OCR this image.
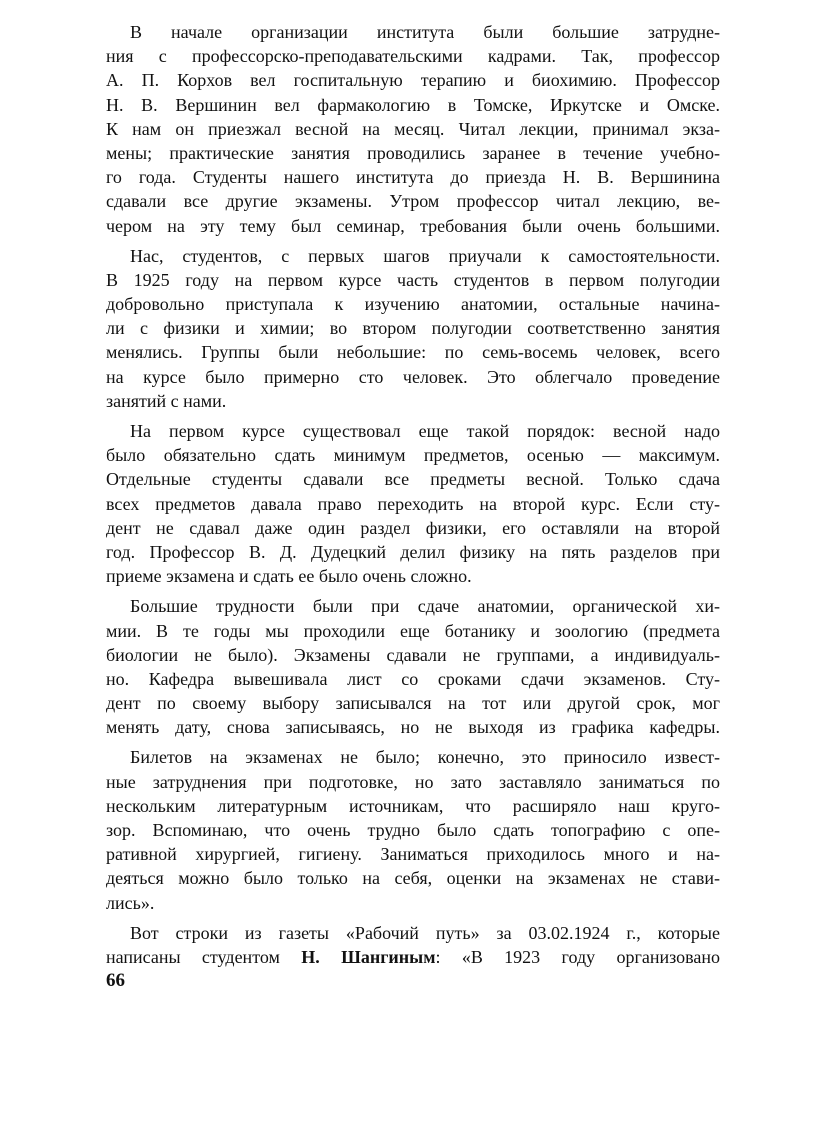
В начале организации института были большие затрудне-
ния с профессорско-преподавательскими кадрами. Так, профессор
А. П. Корхов вел госпитальную терапию и биохимию. Профессор
Н. В. Вершинин вел фармакологию в Томске, Иркутске и Омске.
К нам он приезжал весной на месяц. Читал лекции, принимал экза-
мены; практические занятия проводились заранее в течение учебно-
го года. Студенты нашего института до приезда Н. В. Вершинина
сдавали все другие экзамены. Утром профессор читал лекцию, ве-
чером на эту тему был семинар, требования были очень большими.
Нас, студентов, с первых шагов приучали к самостоятельности.
В 1925 году на первом курсе часть студентов в первом полугодии
добровольно приступала к изучению анатомии, остальные начина-
ли с физики и химии; во втором полугодии соответственно занятия
менялись. Группы были небольшие: по семь-восемь человек, всего
на курсе было примерно сто человек. Это облегчало проведение
занятий с нами.
На первом курсе существовал еще такой порядок: весной надо
было обязательно сдать минимум предметов, осенью — максимум.
Отдельные студенты сдавали все предметы весной. Только сдача
всех предметов давала право переходить на второй курс. Если сту-
дент не сдавал даже один раздел физики, его оставляли на второй
год. Профессор В. Д. Дудецкий делил физику на пять разделов при
приеме экзамена и сдать ее было очень сложно.
Большие трудности были при сдаче анатомии, органической хи-
мии. В те годы мы проходили еще ботанику и зоологию (предмета
биологии не было). Экзамены сдавали не группами, а индивидуаль-
но. Кафедра вывешивала лист со сроками сдачи экзаменов. Сту-
дент по своему выбору записывался на тот или другой срок, мог
менять дату, снова записываясь, но не выходя из графика кафедры.
Билетов на экзаменах не было; конечно, это приносило извест-
ные затруднения при подготовке, но зато заставляло заниматься по
нескольким литературным источникам, что расширяло наш круго-
зор. Вспоминаю, что очень трудно было сдать топографию с опе-
ративной хирургией, гигиену. Заниматься приходилось много и на-
деяться можно было только на себя, оценки на экзаменах не стави-
лись».
Вот строки из газеты «Рабочий путь» за 03.02.1924 г., которые
написаны студентом Н. Шангиным: «В 1923 году организовано
66
